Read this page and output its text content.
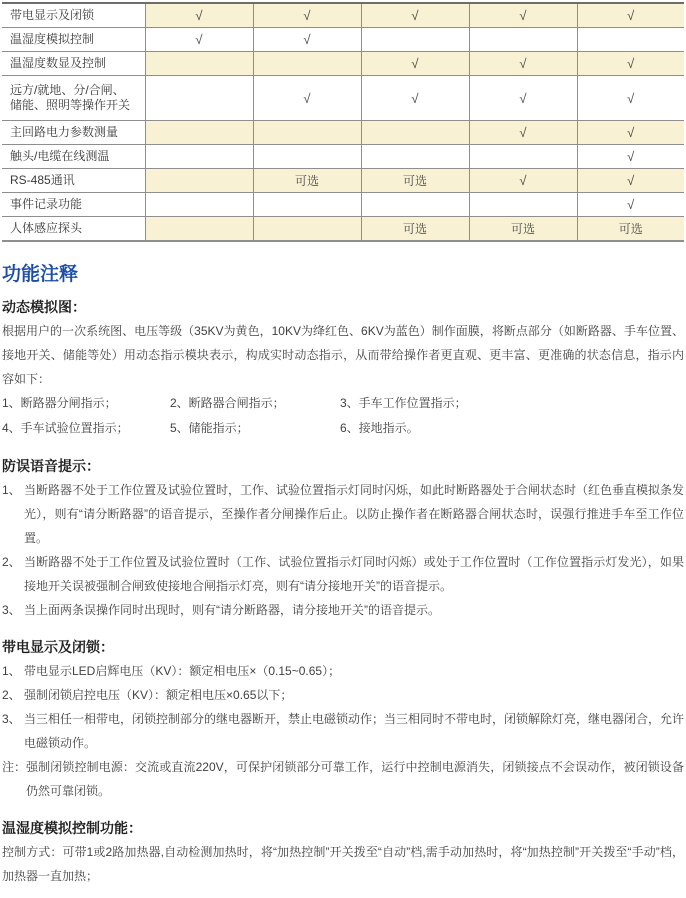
带电显示及闭锁	√	√	√	√	√
温湿度模拟控制	√	√			
温湿度数显及控制			√	√	√

远方/就地、分/合闸、
储能、照明等操作开关		√	√	√	√
主回路电力参数测量				√	√
触头/电缆在线测温					√
RS-485通讯		可选	可选	√	√
事件记录功能					√
人体感应探头			可选	可选	可选
功能注释
动态模拟图：

根据用户的一次系统图、电压等级（35KV为黄色，10KV为绛红色、6KV为蓝色）制作面膜，将断点部分（如断路器、手车位置、接地开关、储能等处）用动态指示模块表示，构成实时动态指示，从而带给操作者更直观、更丰富、更准确的状态信息，指示内容如下：

1、断路器分闸指示；	2、断路器合闸指示；	3、手车工作位置指示；
4、手车试验位置指示；	5、储能指示；	6、接地指示。
防误语音提示：
1、 当断路器不处于工作位置及试验位置时，工作、试验位置指示灯同时闪烁，如此时断路器处于合闸状态时（红色垂直模拟条发光），则有“请分断路器”的语音提示，至操作者分闸操作后止。以防止操作者在断路器合闸状态时，误强行推进手车至工作位置。
2、 当断路器不处于工作位置及试验位置时（工作、试验位置指示灯同时闪烁）或处于工作位置时（工作位置指示灯发光），如果接地开关误被强制合闸致使接地合闸指示灯亮，则有“请分接地开关”的语音提示。
3、 当上面两条误操作同时出现时，则有“请分断路器，请分接地开关”的语音提示。
带电显示及闭锁：
1、 带电显示LED启辉电压（KV）：额定相电压×（0.15~0.65）；
2、 强制闭锁启控电压（KV）：额定相电压×0.65以下；
3、 当三相任一相带电，闭锁控制部分的继电器断开，禁止电磁锁动作；当三相同时不带电时，闭锁解除灯亮，继电器闭合，允许电磁锁动作。
注： 强制闭锁控制电源：交流或直流220V，可保护闭锁部分可靠工作，运行中控制电源消失，闭锁接点不会误动作，被闭锁设备仍然可靠闭锁。
温湿度模拟控制功能：

控制方式：可带1或2路加热器,自动检测加热时，将“加热控制”开关拨至“自动”档,需手动加热时，将“加热控制”开关拨至“手动”档，加热器一直加热；
